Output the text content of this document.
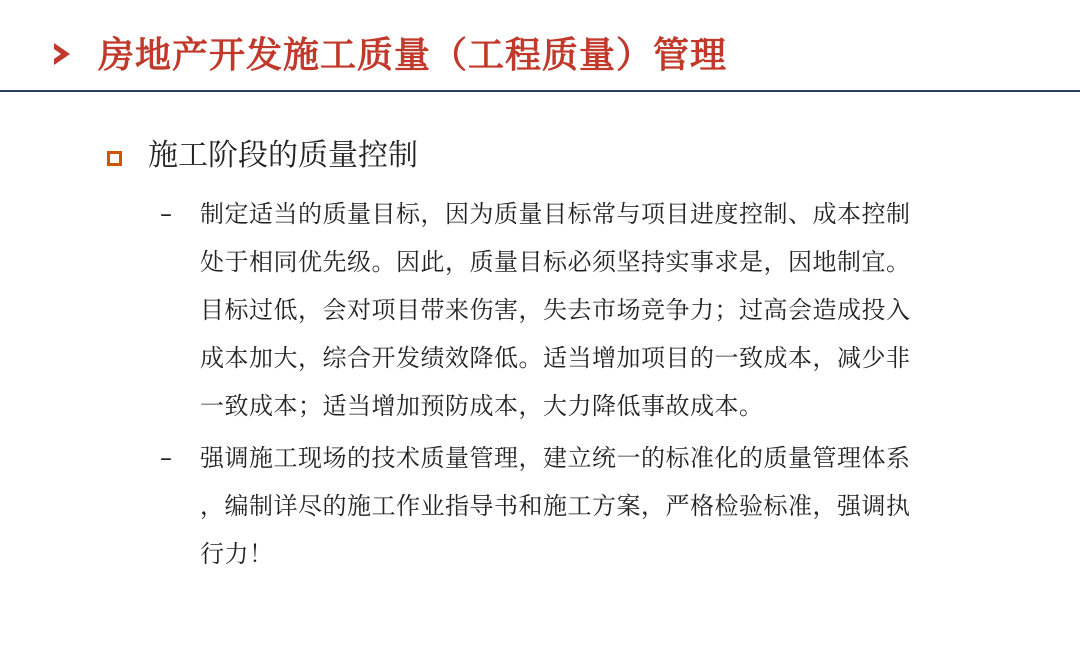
房地产开发施工质量（工程质量）管理
施工阶段的质量控制
– 制定适当的质量目标，因为质量目标常与项目进度控制、成本控制
处于相同优先级。因此，质量目标必须坚持实事求是，因地制宜。
目标过低，会对项目带来伤害，失去市场竞争力；过高会造成投入
成本加大，综合开发绩效降低。适当增加项目的一致成本，减少非
一致成本；适当增加预防成本，大力降低事故成本。
– 强调施工现场的技术质量管理，建立统一的标准化的质量管理体系
，编制详尽的施工作业指导书和施工方案，严格检验标准，强调执
行力！
